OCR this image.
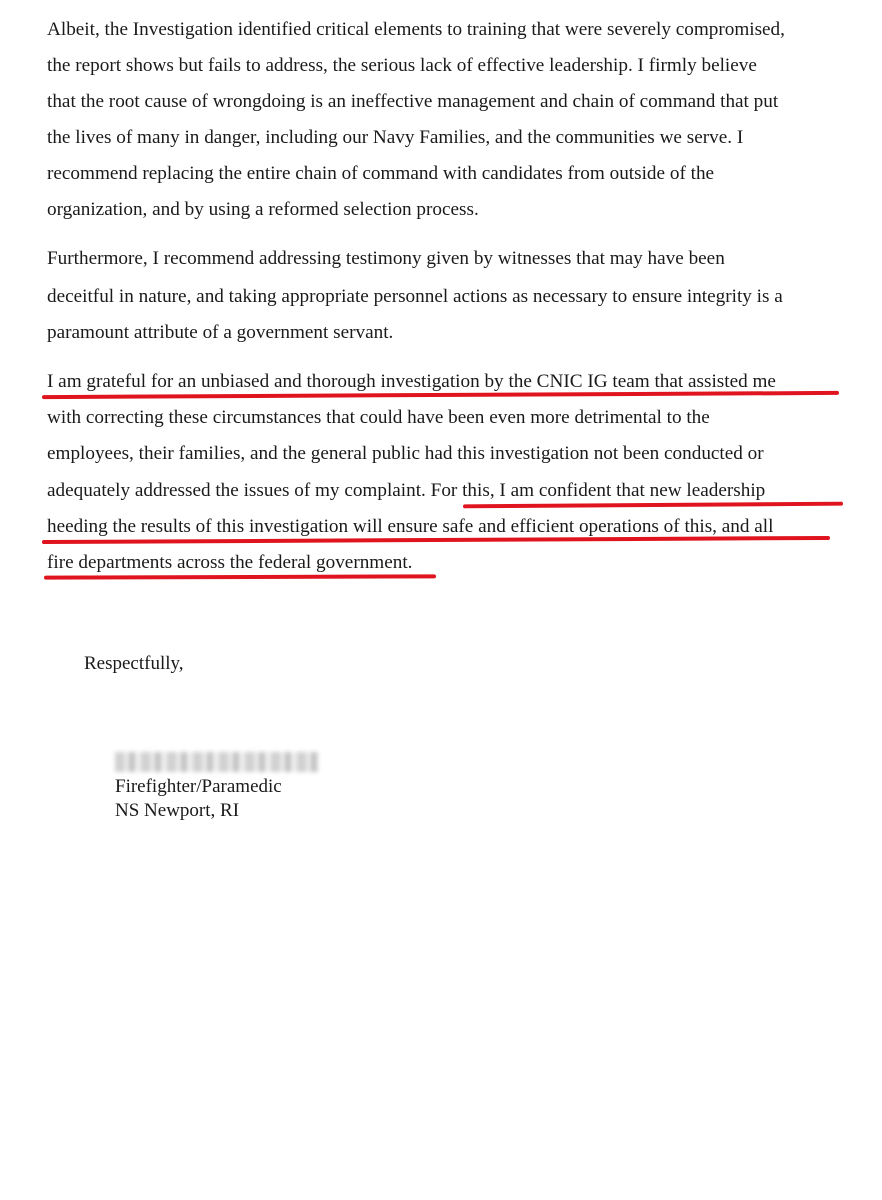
Albeit, the Investigation identified critical elements to training that were severely compromised,
the report shows but fails to address, the serious lack of effective leadership. I firmly believe
that the root cause of wrongdoing is an ineffective management and chain of command that put
the lives of many in danger, including our Navy Families, and the communities we serve. I
recommend replacing the entire chain of command with candidates from outside of the
organization, and by using a reformed selection process.
Furthermore, I recommend addressing testimony given by witnesses that may have been
deceitful in nature, and taking appropriate personnel actions as necessary to ensure integrity is a
paramount attribute of a government servant.
I am grateful for an unbiased and thorough investigation by the CNIC IG team that assisted me
with correcting these circumstances that could have been even more detrimental to the
employees, their families, and the general public had this investigation not been conducted or
adequately addressed the issues of my complaint. For this, I am confident that new leadership
heeding the results of this investigation will ensure safe and efficient operations of this, and all
fire departments across the federal government.
Respectfully,
Firefighter/Paramedic
NS Newport, RI
